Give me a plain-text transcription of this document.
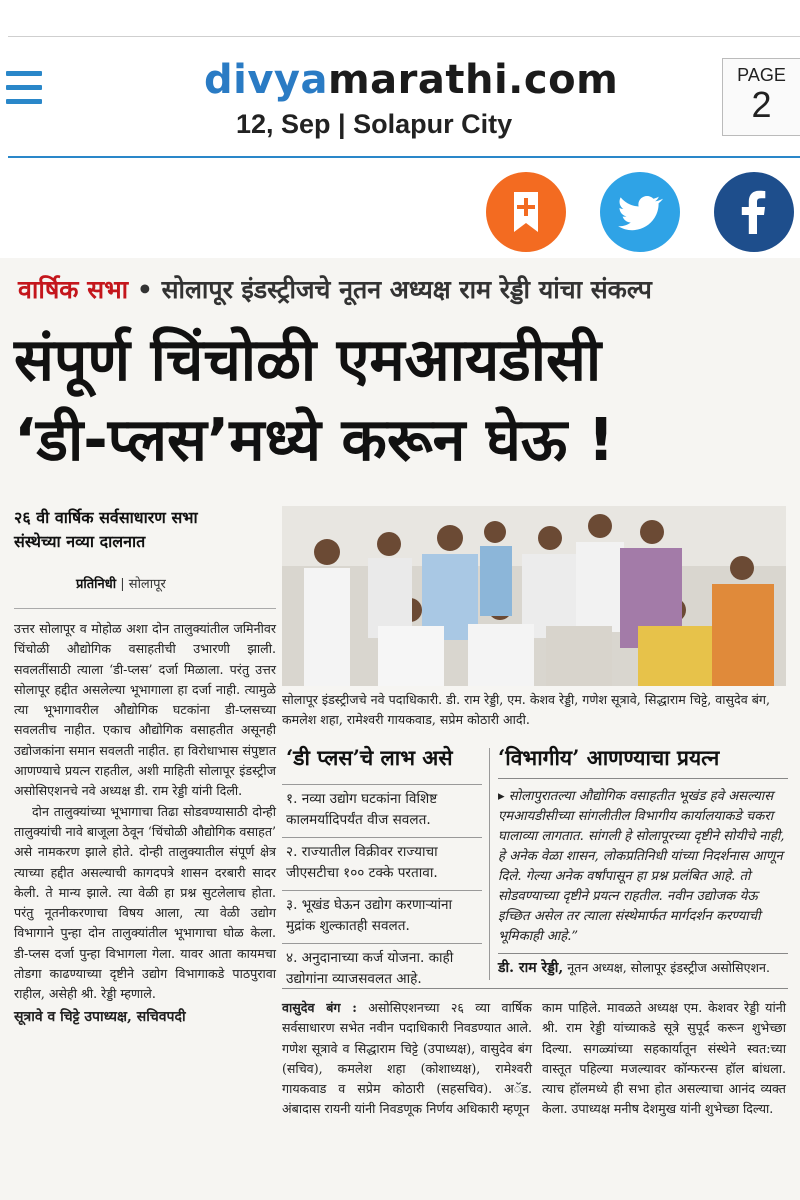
divyamarathi.com
12, Sep | Solapur City
PAGE
2
वार्षिक सभा • सोलापूर इंडस्ट्रीजचे नूतन अध्यक्ष राम रेड्डी यांचा संकल्प
संपूर्ण चिंचोळी एमआयडीसी
‘डी-प्लस’मध्ये करून घेऊ !
२६ वी वार्षिक सर्वसाधारण सभा
संस्थेच्या नव्या दालनात
प्रतिनिधी | सोलापूर

उत्तर सोलापूर व मोहोळ अशा दोन तालुक्यांतील जमिनीवर चिंचोळी औद्योगिक वसाहतीची उभारणी झाली. सवलतींसाठी त्याला ‘डी-प्लस’ दर्जा मिळाला. परंतु उत्तर सोलापूर हद्दीत असलेल्या भूभागाला हा दर्जा नाही. त्यामुळे त्या भूभागावरील औद्योगिक घटकांना डी-प्लसच्या सवलतीच नाहीत. एकाच औद्योगिक वसाहतीत असूनही उद्योजकांना समान सवलती नाहीत. हा विरोधाभास संपुष्टात आणण्याचे प्रयत्न राहतील, अशी माहिती सोलापूर इंडस्ट्रीज असोसिएशनचे नवे अध्यक्ष डी. राम रेड्डी यांनी दिली.

दोन तालुक्यांच्या भूभागाचा तिढा सोडवण्यासाठी दोन्ही तालुक्यांची नावे बाजूला ठेवून ‘चिंचोळी औद्योगिक वसाहत’ असे नामकरण झाले होते. दोन्ही तालुक्यातील संपूर्ण क्षेत्र त्याच्या हद्दीत असल्याची कागदपत्रे शासन दरबारी सादर केली. ते मान्य झाले. त्या वेळी हा प्रश्न सुटलेलाच होता. परंतु नूतनीकरणाचा विषय आला, त्या वेळी उद्योग विभागाने पुन्हा दोन तालुक्यांतील भूभागाचा घोळ केला. डी-प्लस दर्जा पुन्हा विभागला गेला. यावर आता कायमचा तोडगा काढण्याच्या दृष्टीने उद्योग विभागाकडे पाठपुरावा राहील, असेही श्री. रेड्डी म्हणाले.

सूत्रावे व चिट्टे उपाध्यक्ष, सचिवपदी
सोलापूर इंडस्ट्रीजचे नवे पदाधिकारी. डी. राम रेड्डी, एम. केशव रेड्डी, गणेश सूत्रावे, सिद्धाराम चिट्टे, वासुदेव बंग, कमलेश शहा, रामेश्वरी गायकवाड, सप्रेम कोठारी आदी.
‘डी प्लस’चे लाभ असे
१. नव्या उद्योग घटकांना विशिष्ट कालमर्यादिपर्यंत वीज सवलत.
२. राज्यातील विक्रीवर राज्याचा जीएसटीचा १०० टक्के परतावा.
३. भूखंड घेऊन उद्योग करणाऱ्यांना मुद्रांक शुल्कातही सवलत.
४. अनुदानाच्या कर्ज योजना. काही उद्योगांना व्याजसवलत आहे.
‘विभागीय’ आणण्याचा प्रयत्न
▸ सोलापुरातल्या औद्योगिक वसाहतीत भूखंड हवे असल्यास एमआयडीसीच्या सांगलीतील विभागीय कार्यालयाकडे चकरा घालाव्या लागतात. सांगली हे सोलापूरच्या दृष्टीने सोयीचे नाही, हे अनेक वेळा शासन, लोकप्रतिनिधी यांच्या निदर्शनास आणून दिले. गेल्या अनेक वर्षांपासून हा प्रश्न प्रलंबित आहे. तो सोडवण्याच्या दृष्टीने प्रयत्न राहतील. नवीन उद्योजक येऊ इच्छित असेल तर त्याला संस्थेमार्फत मार्गदर्शन करण्याची भूमिकाही आहे.”
डी. राम रेड्डी, नूतन अध्यक्ष, सोलापूर इंडस्ट्रीज असोसिएशन.
वासुदेव बंग : असोसिएशनच्या २६ व्या वार्षिक सर्वसाधारण सभेत नवीन पदाधिकारी निवडण्यात आले. गणेश सूत्रावे व सिद्धाराम चिट्टे (उपाध्यक्ष), वासुदेव बंग (सचिव), कमलेश शहा (कोशाध्यक्ष), रामेश्वरी गायकवाड व सप्रेम कोठारी (सहसचिव). अॅड. अंबादास रायनी यांनी निवडणूक निर्णय अधिकारी म्हणून
काम पाहिले. मावळते अध्यक्ष एम. केशवर रेड्डी यांनी श्री. राम रेड्डी यांच्याकडे सूत्रे सुपूर्द करून शुभेच्छा दिल्या. सगळ्यांच्या सहकार्यातून संस्थेने स्वत:च्या वास्तूत पहिल्या मजल्यावर कॉन्फरन्स हॉल बांधला. त्याच हॉलमध्ये ही सभा होत असल्याचा आनंद व्यक्त केला. उपाध्यक्ष मनीष देशमुख यांनी शुभेच्छा दिल्या.
